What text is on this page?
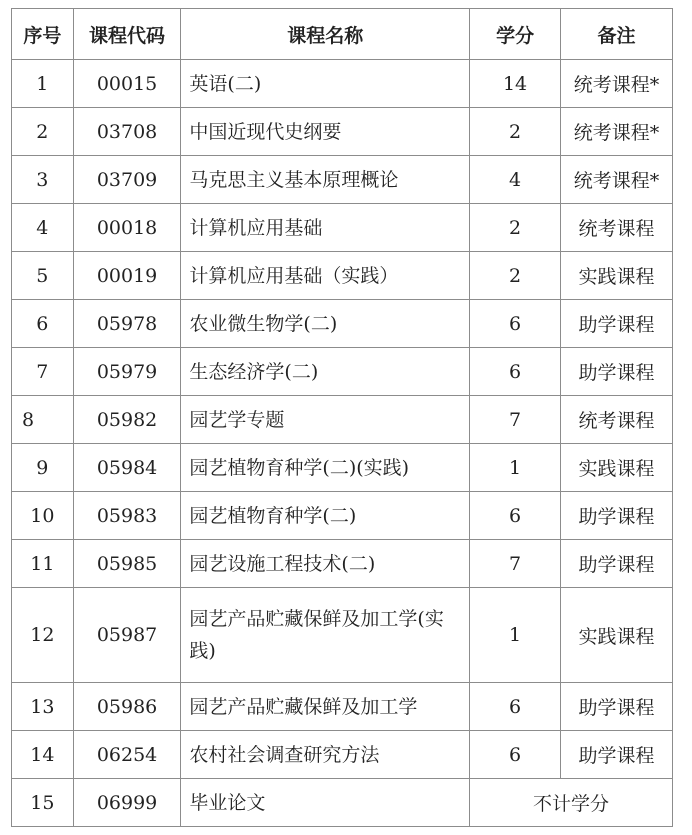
序号	课程代码	课程名称	学分	备注
1	00015	英语(二)	14	统考课程*
2	03708	中国近现代史纲要	2	统考课程*
3	03709	马克思主义基本原理概论	4	统考课程*
4	00018	计算机应用基础	2	统考课程
5	00019	计算机应用基础（实践）	2	实践课程
6	05978	农业微生物学(二)	6	助学课程
7	05979	生态经济学(二)	6	助学课程
8	05982	园艺学专题	7	统考课程
9	05984	园艺植物育种学(二)(实践)	1	实践课程
10	05983	园艺植物育种学(二)	6	助学课程
11	05985	园艺设施工程技术(二)	7	助学课程
12	05987	园艺产品贮藏保鲜及加工学(实践)	1	实践课程
13	05986	园艺产品贮藏保鲜及加工学	6	助学课程
14	06254	农村社会调查研究方法	6	助学课程
15	06999	毕业论文	不计学分	
